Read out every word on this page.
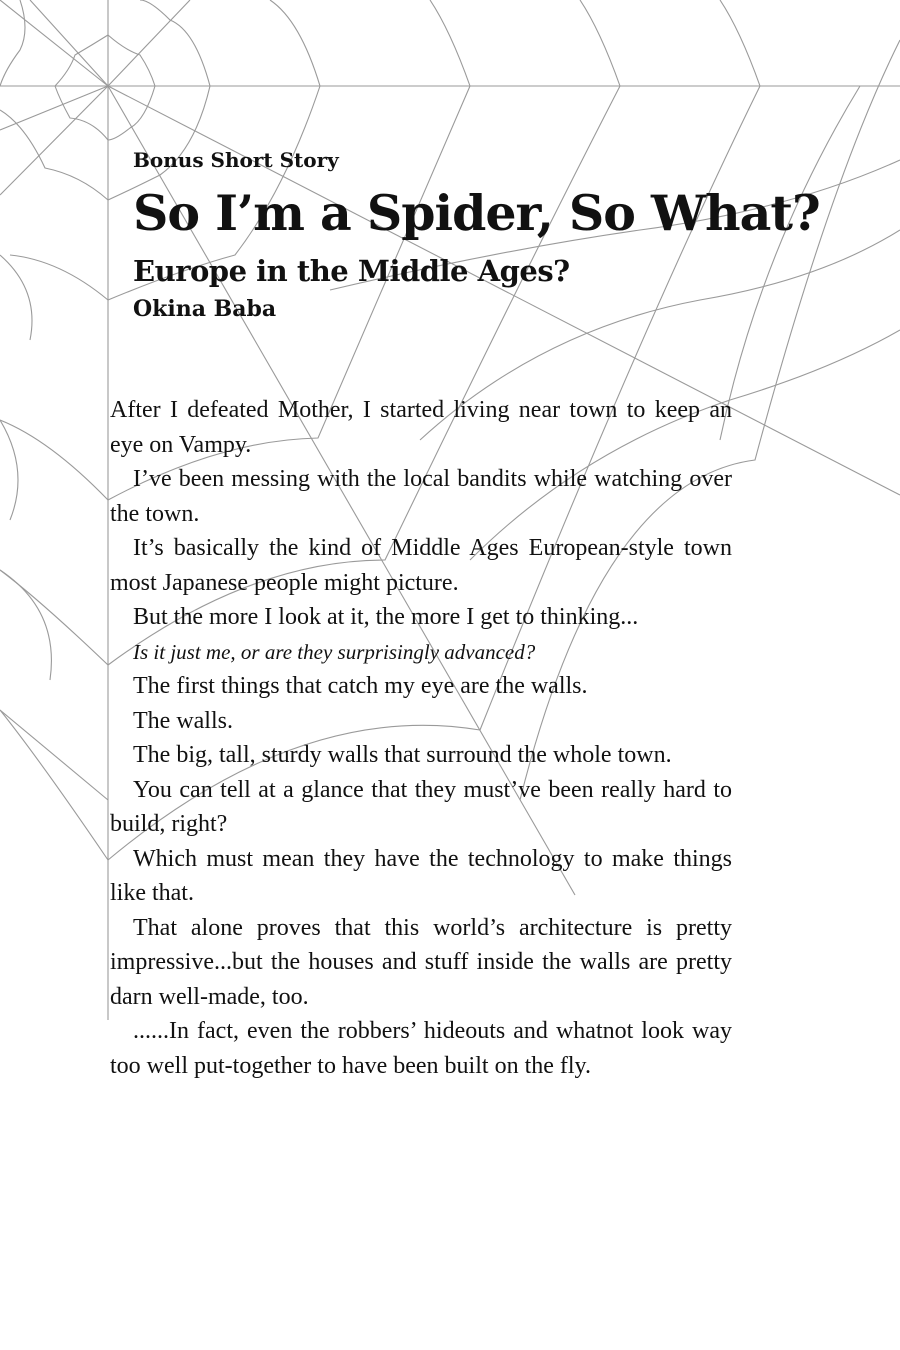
Bonus Short Story
So I’m a Spider, So What?
Europe in the Middle Ages?
Okina Baba

After I defeated Mother, I started living near town to keep an eye on Vampy.

I’ve been messing with the local bandits while watching over the town.

It’s basically the kind of Middle Ages European-style town most Japanese people might picture.

But the more I look at it, the more I get to thinking...

Is it just me, or are they surprisingly advanced?

The first things that catch my eye are the walls.

The walls.

The big, tall, sturdy walls that surround the whole town.

You can tell at a glance that they must’ve been really hard to build, right?

Which must mean they have the technology to make things like that.

That alone proves that this world’s architecture is pretty impressive...but the houses and stuff inside the walls are pretty darn well-made, too.

......In fact, even the robbers’ hideouts and whatnot look way too well put-together to have been built on the fly.
